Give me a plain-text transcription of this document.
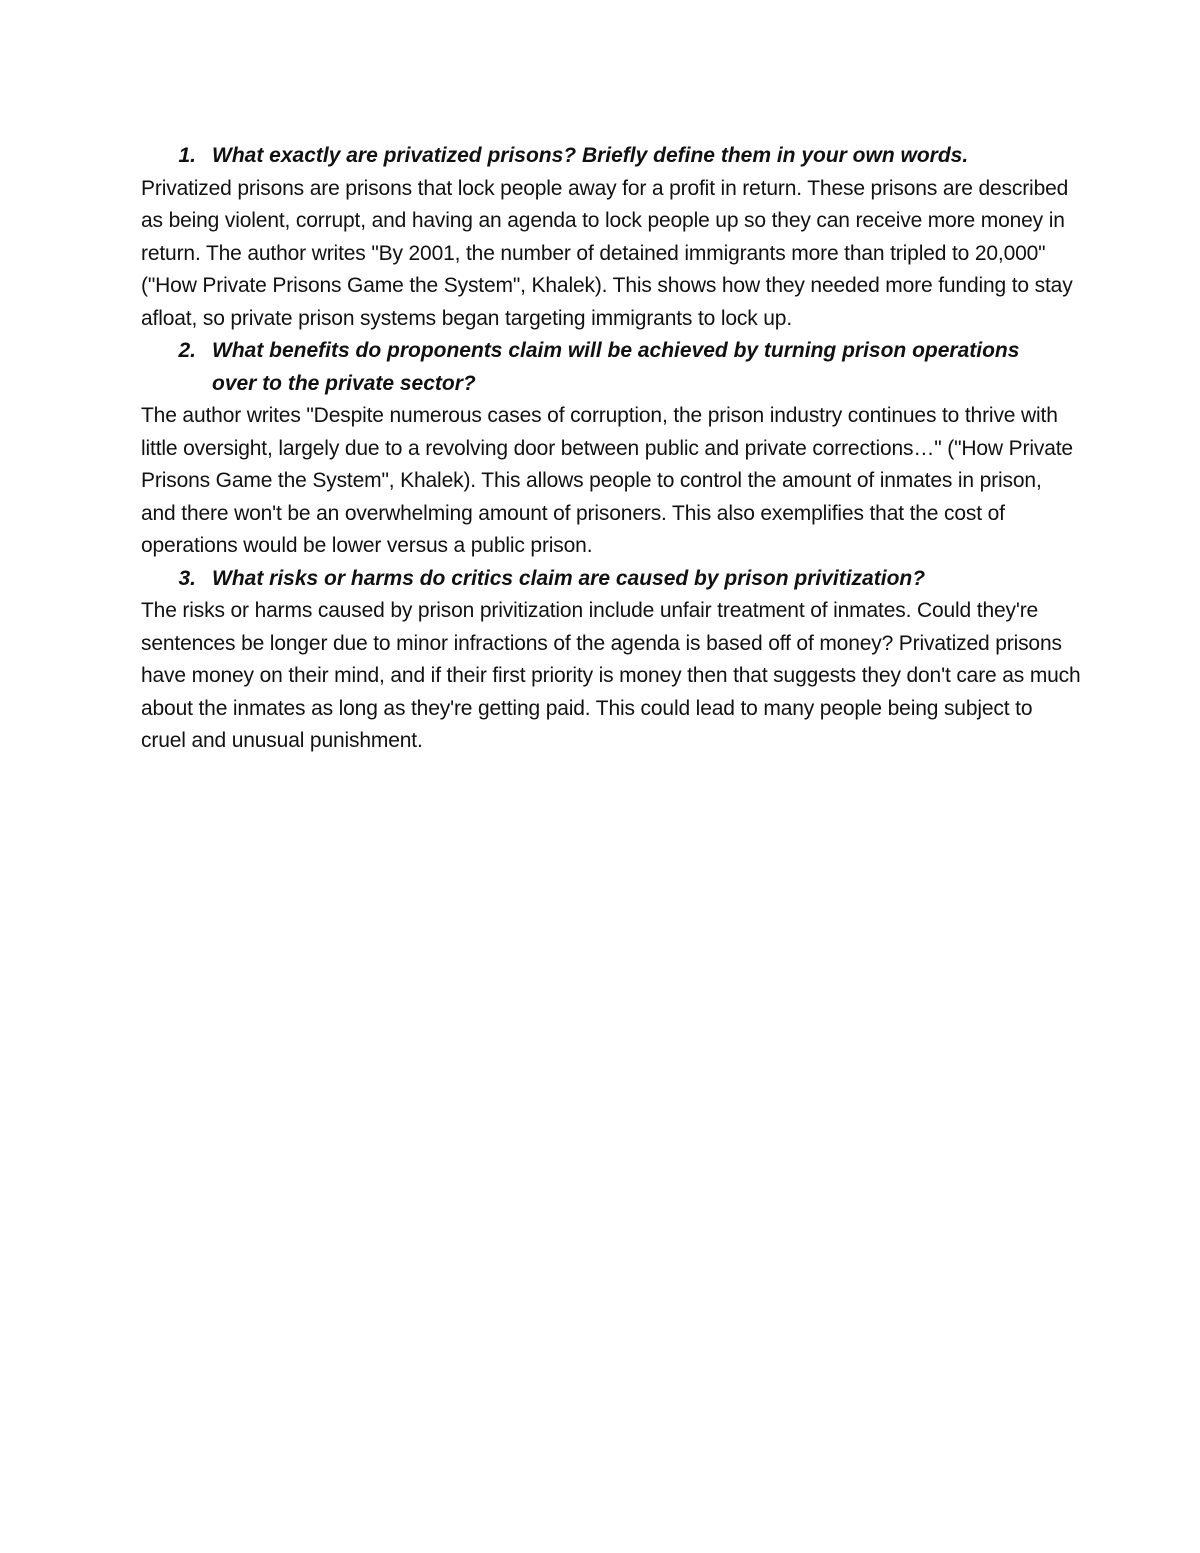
1. What exactly are privatized prisons? Briefly define them in your own words.

Privatized prisons are prisons that lock people away for a profit in return. These prisons are described as being violent, corrupt, and having an agenda to lock people up so they can receive more money in return. The author writes "By 2001, the number of detained immigrants more than tripled to 20,000" ("How Private Prisons Game the System", Khalek). This shows how they needed more funding to stay afloat, so private prison systems began targeting immigrants to lock up.

2. What benefits do proponents claim will be achieved by turning prison operations over to the private sector?

The author writes "Despite numerous cases of corruption, the prison industry continues to thrive with little oversight, largely due to a revolving door between public and private corrections…" ("How Private Prisons Game the System", Khalek). This allows people to control the amount of inmates in prison, and there won't be an overwhelming amount of prisoners. This also exemplifies that the cost of operations would be lower versus a public prison.

3. What risks or harms do critics claim are caused by prison privitization?

The risks or harms caused by prison privitization include unfair treatment of inmates. Could they're sentences be longer due to minor infractions of the agenda is based off of money? Privatized prisons have money on their mind, and if their first priority is money then that suggests they don't care as much about the inmates as long as they're getting paid. This could lead to many people being subject to cruel and unusual punishment.
